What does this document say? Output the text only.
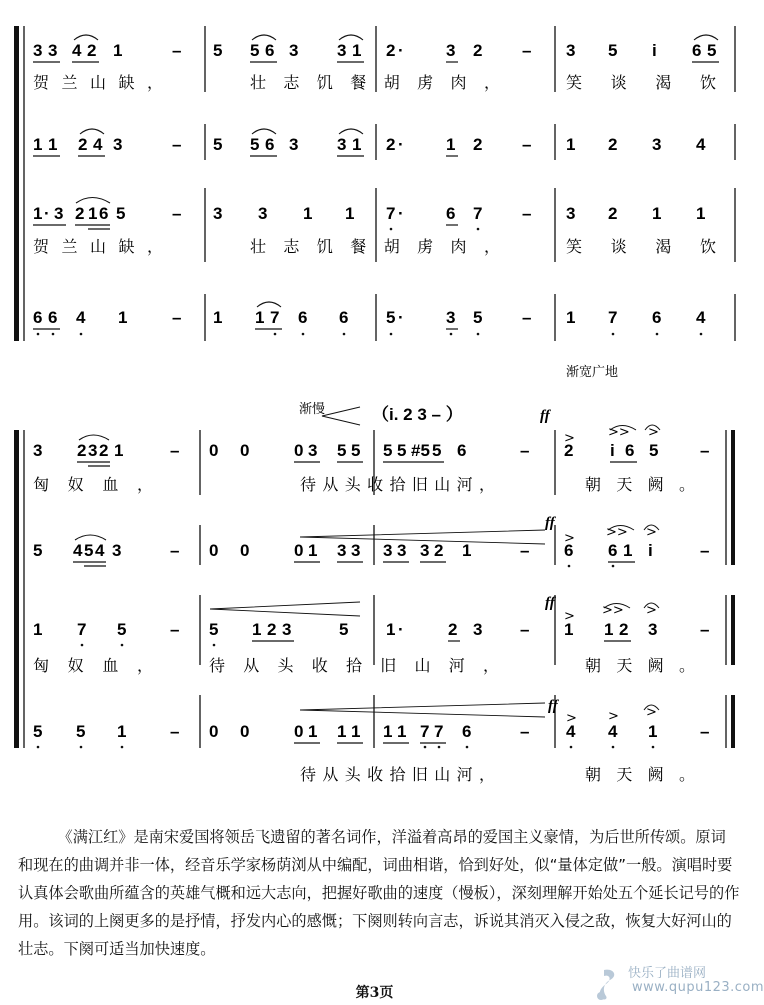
3 3 4 2 1	– 5 5 6 3 3 1 2 · 3 2 – 3 5 i 6 5
贺兰山缺，	壮志饥餐胡虏肉，	笑谈渴饮
1 1 2 4 3	– 5 5 6 3 3 1 2 · 1 2 – 1 2 3 4
1 · 3 2 1 6 5	– 3 3 1 1 7 · 6 7 – 3 2 1 1
贺兰山缺，	壮志饥餐胡虏肉，	笑谈渴饮
6 6 4 1	– 1 1 7 6 6 5 · 3 5 – 1 7 6 4
渐宽广地
渐慢	（i. 2 3 – ）	ff
ff
ff
ff
3 2 3 2 1	– 0 0	0 3 5 5 5 5 #5 5 6	–
>
2 i 6 5 –
>> >
匈奴血，	待从头收拾旧山河，	朝天阙。
5 4 5 4 3	– 0 0	0 1 3 3 3 3 3 2 1	–
>
6 6 1 i	–
>> >
1 7 5	– 5 1 2 3	5 1 ·	2 3 –
>
1 1 2 3	–
>> >
匈奴血，	待从头收拾旧山河，	朝天阙。
5 5 1	– 0 0	0 1 1 1 1 1 7 7 6	–
>
4 4 1	–
> >
待从头收拾旧山河，	朝天阙。

《满江红》是南宋爱国将领岳飞遗留的著名词作，洋溢着高昂的爱国主义豪情，为后世所传颂。原词和现在的曲调并非一体，经音乐学家杨荫浏从中编配，词曲相谐，恰到好处，似“量体定做”一般。演唱时要认真体会歌曲所蕴含的英雄气概和远大志向，把握好歌曲的速度（慢板），深刻理解开始处五个延长记号的作用。该词的上阕更多的是抒情，抒发内心的感慨；下阕则转向言志，诉说其消灭入侵之敌，恢复大好河山的壮志。下阕可适当加快速度。

快乐了曲谱网
www.qupu123.com
第3页
